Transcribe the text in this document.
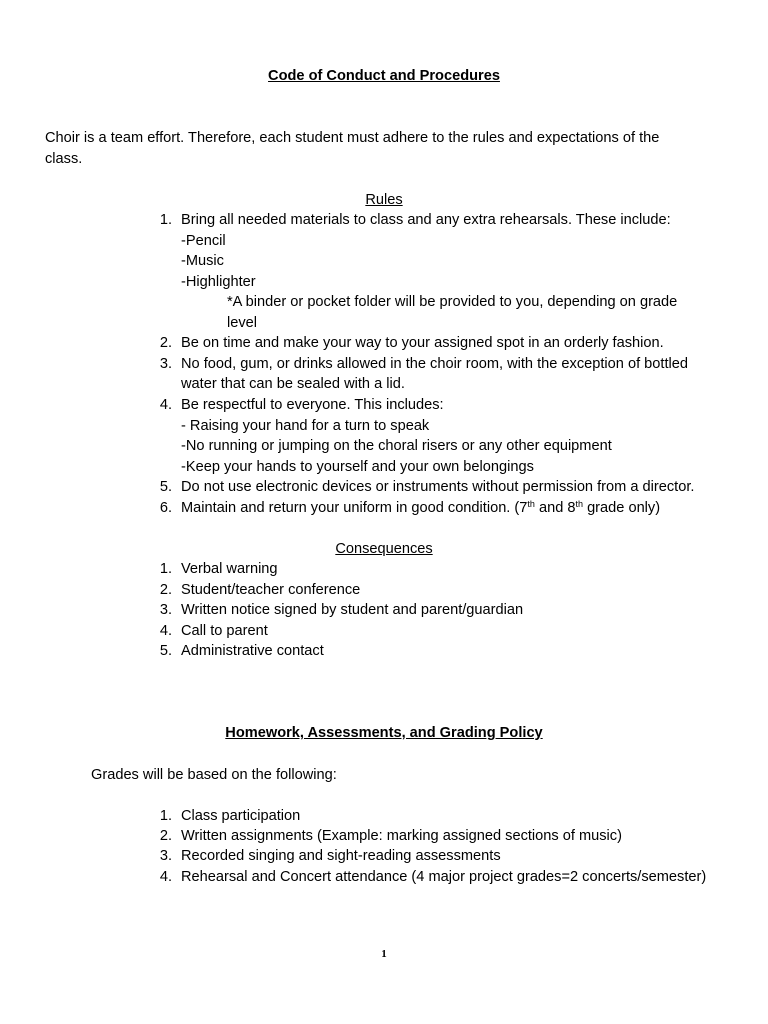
Code of Conduct and Procedures
Choir is a team effort. Therefore, each student must adhere to the rules and expectations of the
class.
Rules
1. Bring all needed materials to class and any extra rehearsals. These include:
-Pencil
-Music
-Highlighter
*A binder or pocket folder will be provided to you, depending on grade
level
2. Be on time and make your way to your assigned spot in an orderly fashion.
3. No food, gum, or drinks allowed in the choir room, with the exception of bottled
water that can be sealed with a lid.
4. Be respectful to everyone. This includes:
- Raising your hand for a turn to speak
-No running or jumping on the choral risers or any other equipment
-Keep your hands to yourself and your own belongings
5. Do not use electronic devices or instruments without permission from a director.
6. Maintain and return your uniform in good condition. (7th and 8th grade only)
Consequences
1. Verbal warning
2. Student/teacher conference
3. Written notice signed by student and parent/guardian
4. Call to parent
5. Administrative contact
Homework, Assessments, and Grading Policy
Grades will be based on the following:
1. Class participation
2. Written assignments (Example: marking assigned sections of music)
3. Recorded singing and sight-reading assessments
4. Rehearsal and Concert attendance (4 major project grades=2 concerts/semester)
1
